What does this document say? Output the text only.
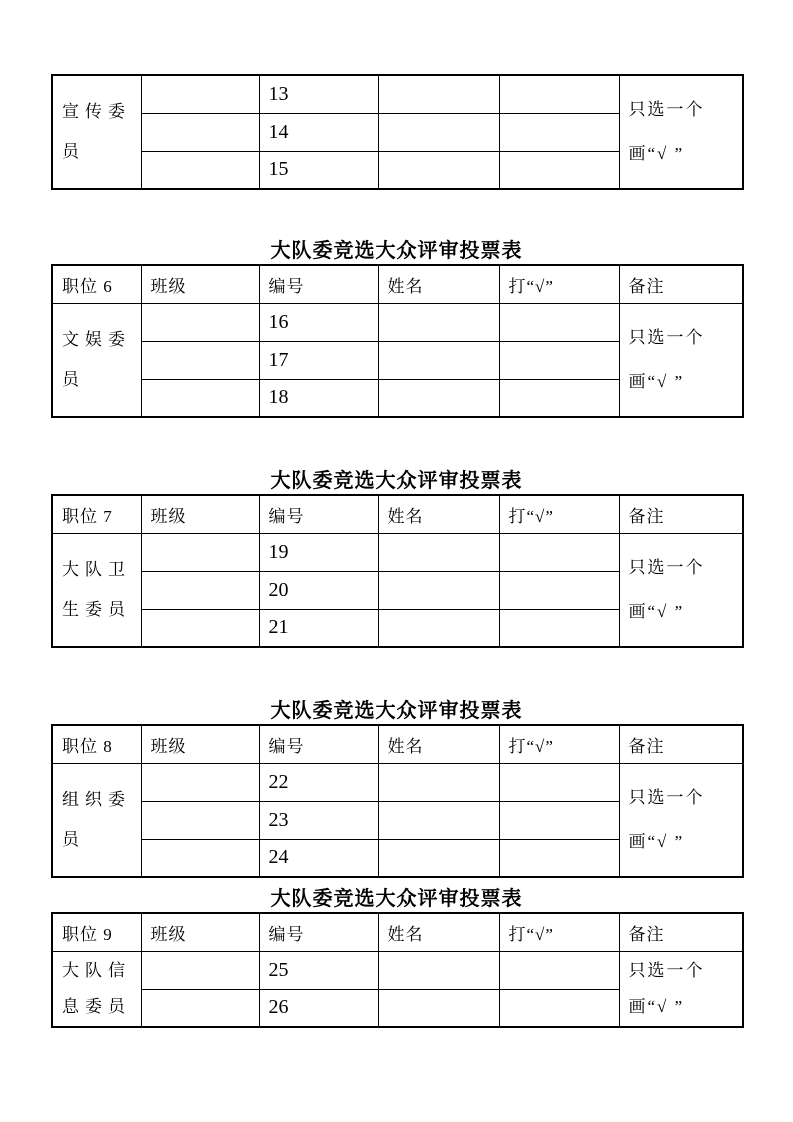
宣传委员		13			只选一个
画“√ ”
		14			
		15			
大队委竞选大众评审投票表
职位 6	班级	编号	姓名	打“√”	备注
文娱委员		16			只选一个
画“√ ”
		17			
		18			
大队委竞选大众评审投票表
职位 7	班级	编号	姓名	打“√”	备注
大队卫生委员		19			只选一个
画“√ ”
		20			
		21			
大队委竞选大众评审投票表
职位 8	班级	编号	姓名	打“√”	备注
组织委员		22			只选一个
画“√ ”
		23			
		24			
大队委竞选大众评审投票表
职位 9	班级	编号	姓名	打“√”	备注
大队信息委员		25			只选一个
画“√ ”
		26			
